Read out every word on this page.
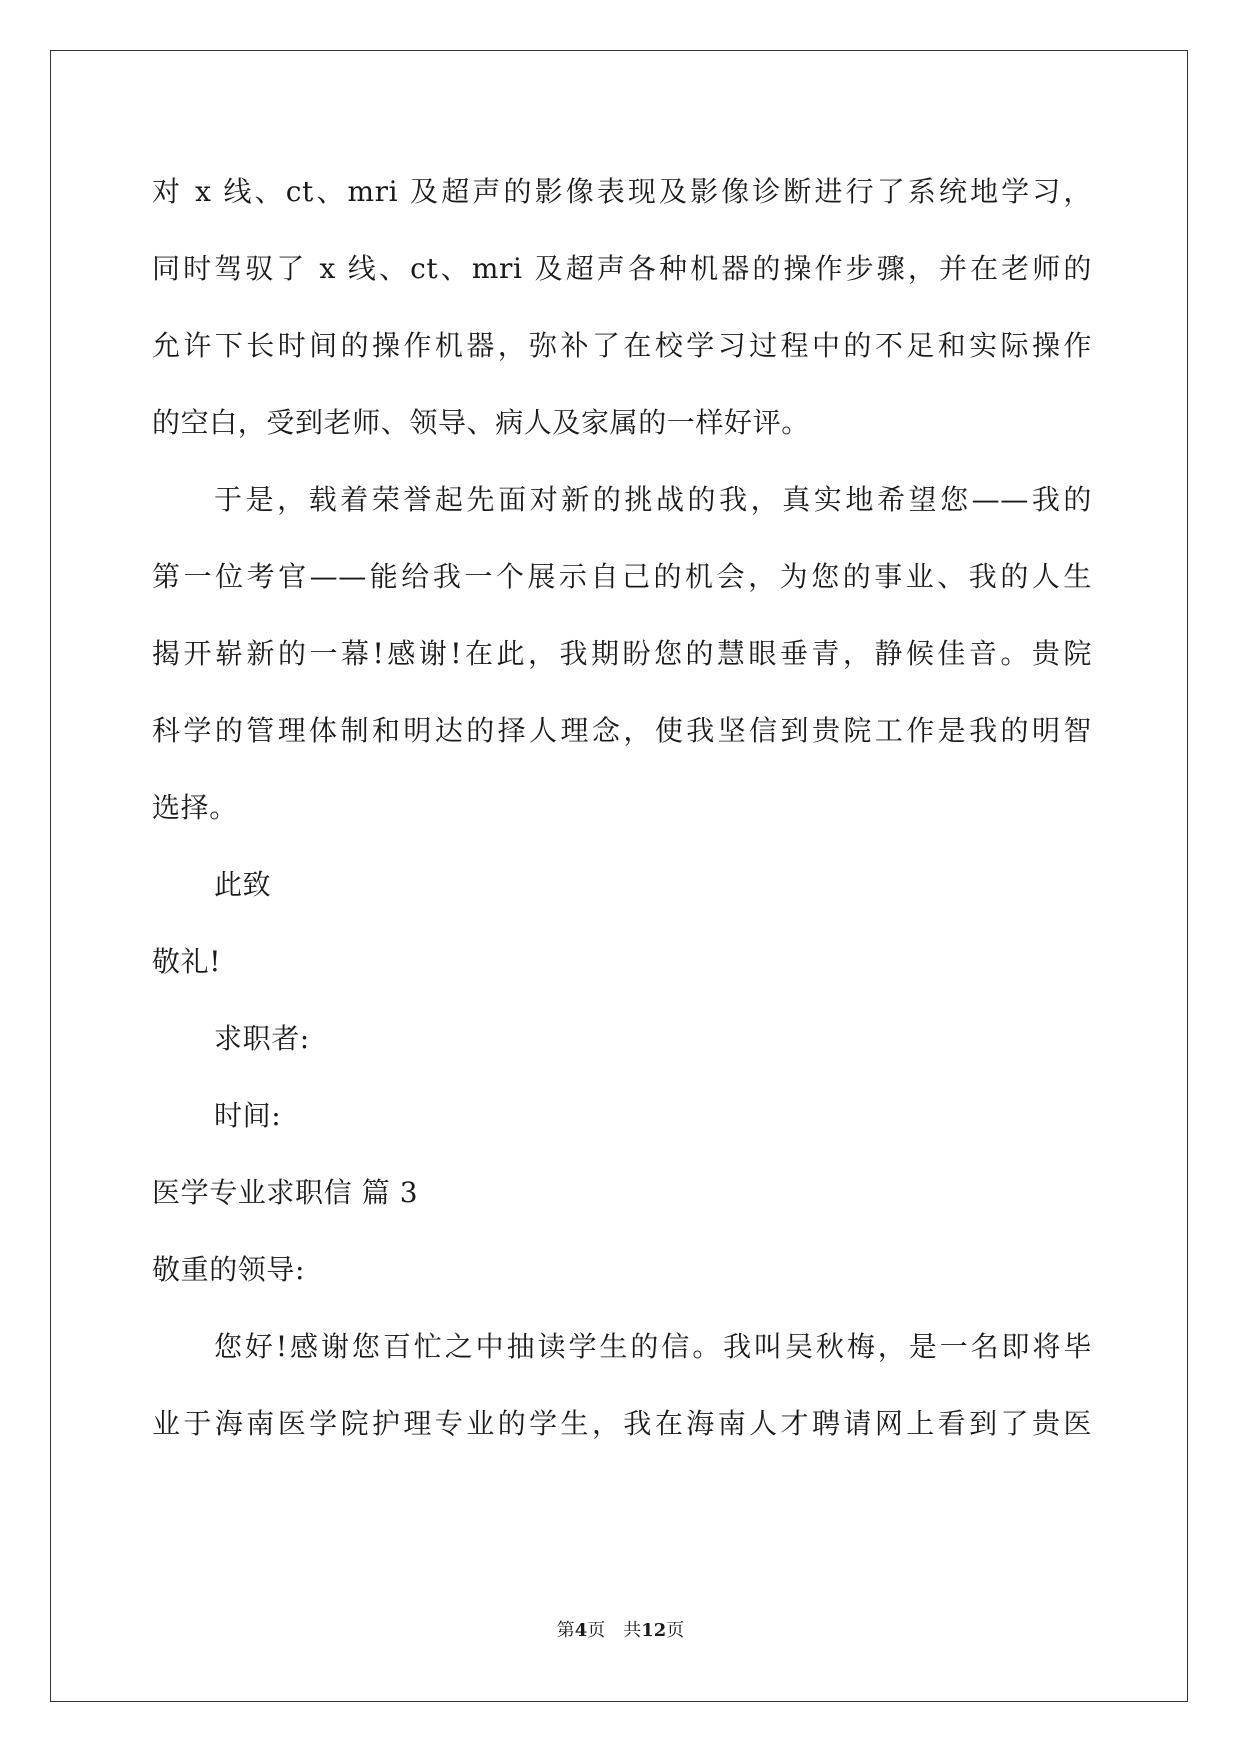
对 x 线、ct、mri 及超声的影像表现及影像诊断进行了系统地学习，
同时驾驭了 x 线、ct、mri 及超声各种机器的操作步骤，并在老师的
允许下长时间的操作机器，弥补了在校学习过程中的不足和实际操作
的空白，受到老师、领导、病人及家属的一样好评。
于是，载着荣誉起先面对新的挑战的我，真实地希望您——我的
第一位考官——能给我一个展示自己的机会，为您的事业、我的人生
揭开崭新的一幕!感谢!在此，我期盼您的慧眼垂青，静候佳音。贵院
科学的管理体制和明达的择人理念，使我坚信到贵院工作是我的明智
选择。
此致
敬礼!
求职者:
时间:
医学专业求职信 篇 3
敬重的领导:
您好!感谢您百忙之中抽读学生的信。我叫吴秋梅，是一名即将毕
业于海南医学院护理专业的学生，我在海南人才聘请网上看到了贵医
第4页　共12页
